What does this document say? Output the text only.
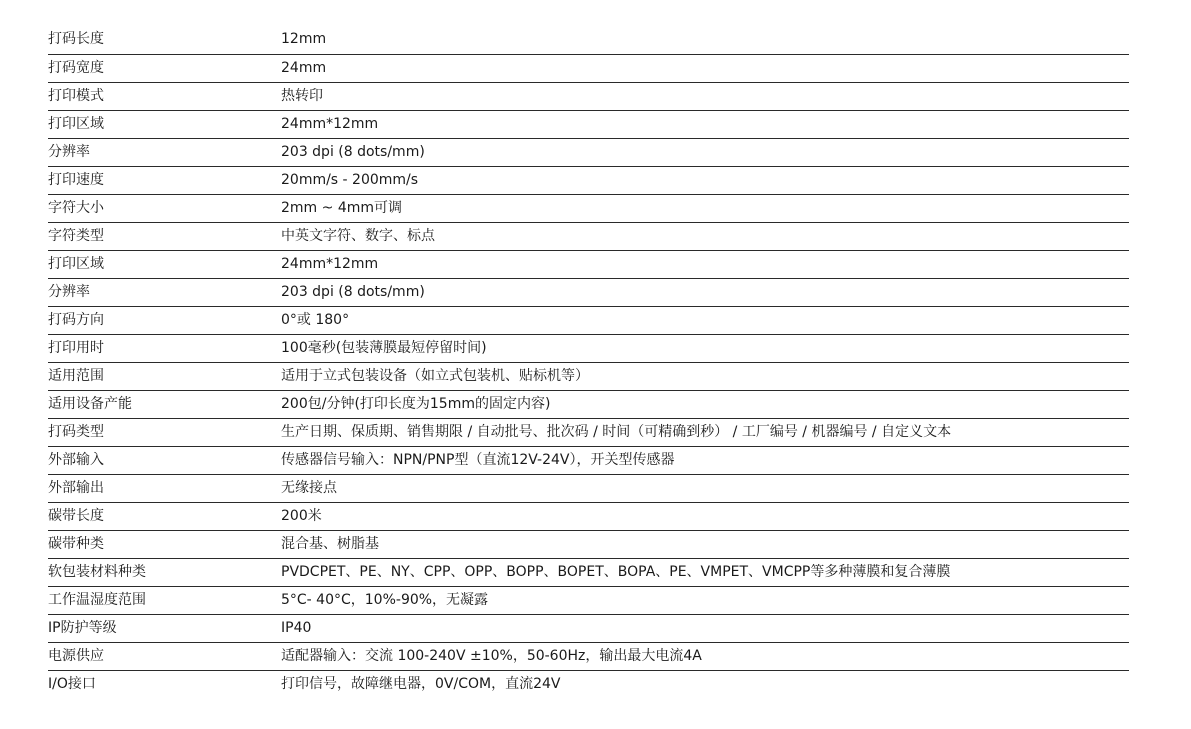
打码长度	12mm
打码宽度	24mm
打印模式	热转印
打印区域	24mm*12mm
分辨率	203 dpi (8 dots/mm)
打印速度	20mm/s - 200mm/s
字符大小	2mm ~ 4mm可调
字符类型	中英文字符、数字、标点
打印区域	24mm*12mm
分辨率	203 dpi (8 dots/mm)
打码方向	0°或 180°
打印用时	100毫秒(包装薄膜最短停留时间)
适用范围	适用于立式包装设备（如立式包装机、贴标机等）
适用设备产能	200包/分钟(打印长度为15mm的固定内容)
打码类型	生产日期、保质期、销售期限 / 自动批号、批次码 / 时间（可精确到秒） / 工厂编号 / 机器编号 / 自定义文本
外部输入	传感器信号输入：NPN/PNP型（直流12V-24V），开关型传感器
外部输出	无缘接点
碳带长度	200米
碳带种类	混合基、树脂基
软包装材料种类	PVDCPET、PE、NY、CPP、OPP、BOPP、BOPET、BOPA、PE、VMPET、VMCPP等多种薄膜和复合薄膜
工作温湿度范围	5°C- 40°C，10%-90%，无凝露
IP防护等级	IP40
电源供应	适配器输入：交流 100-240V ±10%，50-60Hz，输出最大电流4A
I/O接口	打印信号，故障继电器，0V/COM，直流24V
